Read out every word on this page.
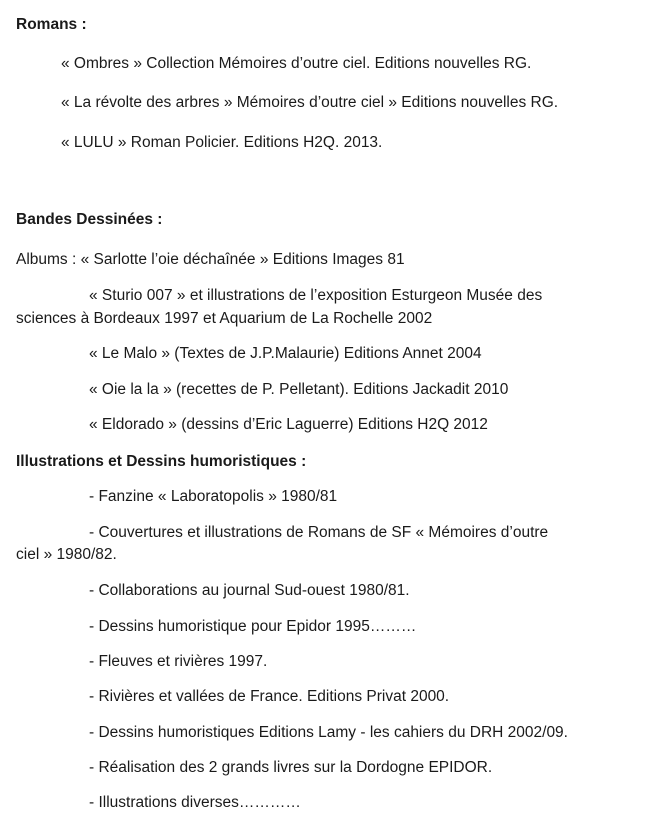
Romans :
« Ombres » Collection Mémoires d’outre ciel. Editions nouvelles RG.
« La révolte des arbres » Mémoires d’outre ciel » Editions nouvelles RG.
« LULU » Roman Policier. Editions H2Q. 2013.
Bandes Dessinées :
Albums : « Sarlotte l’oie déchaînée » Editions Images 81
« Sturio 007 » et illustrations de l’exposition Esturgeon Musée des
sciences à Bordeaux 1997 et Aquarium de La Rochelle 2002
« Le Malo » (Textes de J.P.Malaurie) Editions Annet 2004
« Oie la la » (recettes de P. Pelletant). Editions Jackadit 2010
« Eldorado » (dessins d’Eric Laguerre) Editions H2Q 2012
Illustrations et Dessins humoristiques :
- Fanzine « Laboratopolis » 1980/81
- Couvertures et illustrations de Romans de SF « Mémoires d’outre
ciel » 1980/82.
- Collaborations au journal Sud-ouest 1980/81.
- Dessins humoristique pour Epidor 1995………
- Fleuves et rivières 1997.
- Rivières et vallées de France. Editions Privat 2000.
- Dessins humoristiques Editions Lamy - les cahiers du DRH 2002/09.
- Réalisation des 2 grands livres sur la Dordogne EPIDOR.
- Illustrations diverses…………
